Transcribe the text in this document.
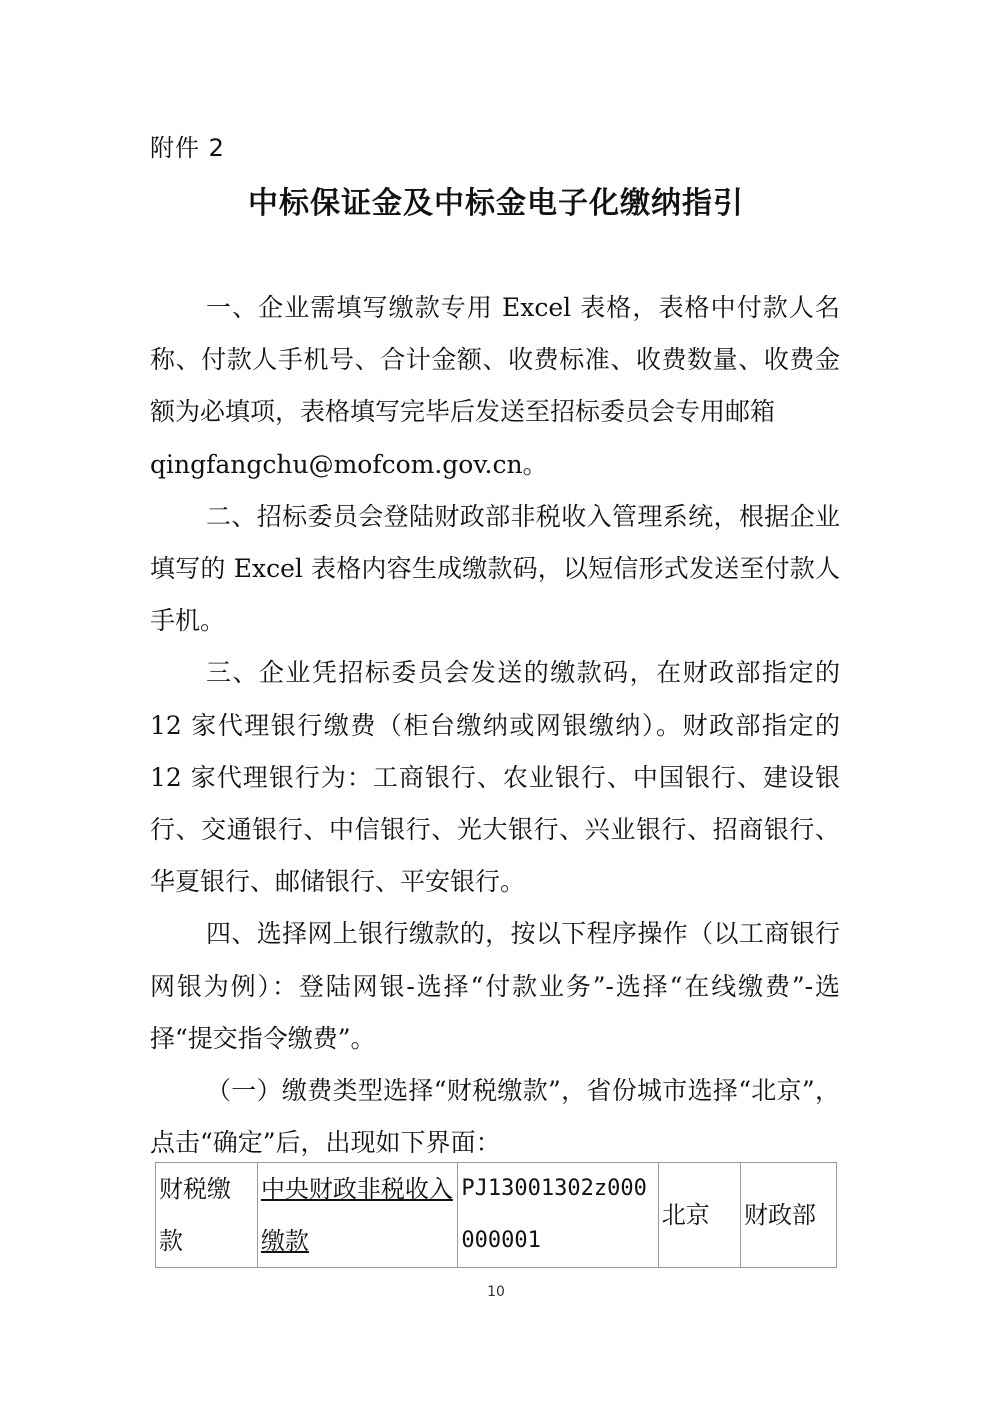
附件 2
中标保证金及中标金电子化缴纳指引

一、企业需填写缴款专用 Excel 表格，表格中付款人名称、付款人手机号、合计金额、收费标准、收费数量、收费金额为必填项，表格填写完毕后发送至招标委员会专用邮箱

qingfangchu@mofcom.gov.cn。

二、招标委员会登陆财政部非税收入管理系统，根据企业填写的 Excel 表格内容生成缴款码，以短信形式发送至付款人手机。

三、企业凭招标委员会发送的缴款码，在财政部指定的 12 家代理银行缴费（柜台缴纳或网银缴纳）。财政部指定的 12 家代理银行为：工商银行、农业银行、中国银行、建设银行、交通银行、中信银行、光大银行、兴业银行、招商银行、华夏银行、邮储银行、平安银行。

四、选择网上银行缴款的，按以下程序操作（以工商银行网银为例）：登陆网银-选择“付款业务”-选择“在线缴费”-选择“提交指令缴费”。

（一）缴费类型选择“财税缴款”，省份城市选择“北京”，点击“确定”后，出现如下界面：

财税缴款	中央财政非税收入缴款	PJ13001302z000000001	北京	财政部
10
